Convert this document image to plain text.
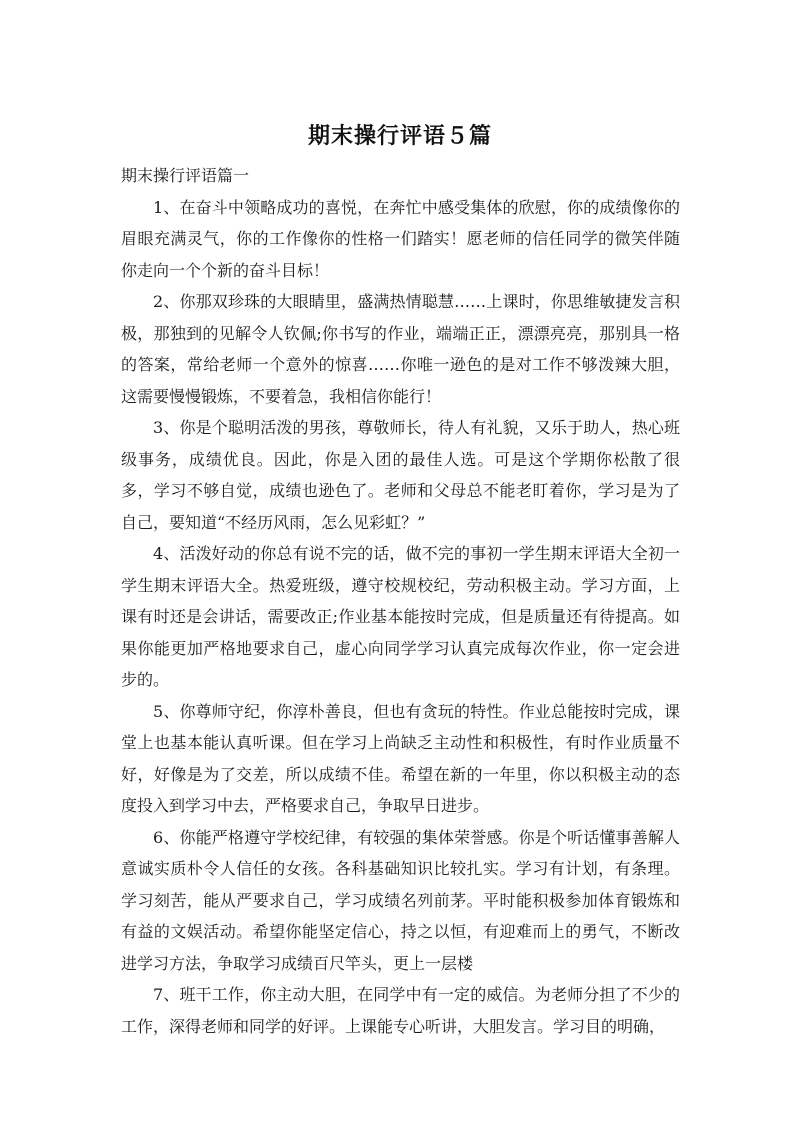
期末操行评语５篇

期末操行评语篇一

1、在奋斗中领略成功的喜悦，在奔忙中感受集体的欣慰，你的成绩像你的眉眼充满灵气，你的工作像你的性格一们踏实！愿老师的信任同学的微笑伴随你走向一个个新的奋斗目标！

2、你那双珍珠的大眼睛里，盛满热情聪慧……上课时，你思维敏捷发言积极，那独到的见解令人钦佩;你书写的作业，端端正正，漂漂亮亮，那别具一格的答案，常给老师一个意外的惊喜……你唯一逊色的是对工作不够泼辣大胆，这需要慢慢锻炼，不要着急，我相信你能行！

3、你是个聪明活泼的男孩，尊敬师长，待人有礼貌，又乐于助人，热心班级事务，成绩优良。因此，你是入团的最佳人选。可是这个学期你松散了很多，学习不够自觉，成绩也逊色了。老师和父母总不能老盯着你，学习是为了自己，要知道“不经历风雨，怎么见彩虹？”

4、活泼好动的你总有说不完的话，做不完的事初一学生期末评语大全初一学生期末评语大全。热爱班级，遵守校规校纪，劳动积极主动。学习方面，上课有时还是会讲话，需要改正;作业基本能按时完成，但是质量还有待提高。如果你能更加严格地要求自己，虚心向同学学习认真完成每次作业，你一定会进步的。

5、你尊师守纪，你淳朴善良，但也有贪玩的特性。作业总能按时完成，课堂上也基本能认真听课。但在学习上尚缺乏主动性和积极性，有时作业质量不好，好像是为了交差，所以成绩不佳。希望在新的一年里，你以积极主动的态度投入到学习中去，严格要求自己，争取早日进步。

6、你能严格遵守学校纪律，有较强的集体荣誉感。你是个听话懂事善解人意诚实质朴令人信任的女孩。各科基础知识比较扎实。学习有计划，有条理。学习刻苦，能从严要求自己，学习成绩名列前茅。平时能积极参加体育锻炼和有益的文娱活动。希望你能坚定信心，持之以恒，有迎难而上的勇气，不断改进学习方法，争取学习成绩百尺竿头，更上一层楼

7、班干工作，你主动大胆，在同学中有一定的威信。为老师分担了不少的工作，深得老师和同学的好评。上课能专心听讲，大胆发言。学习目的明确，
